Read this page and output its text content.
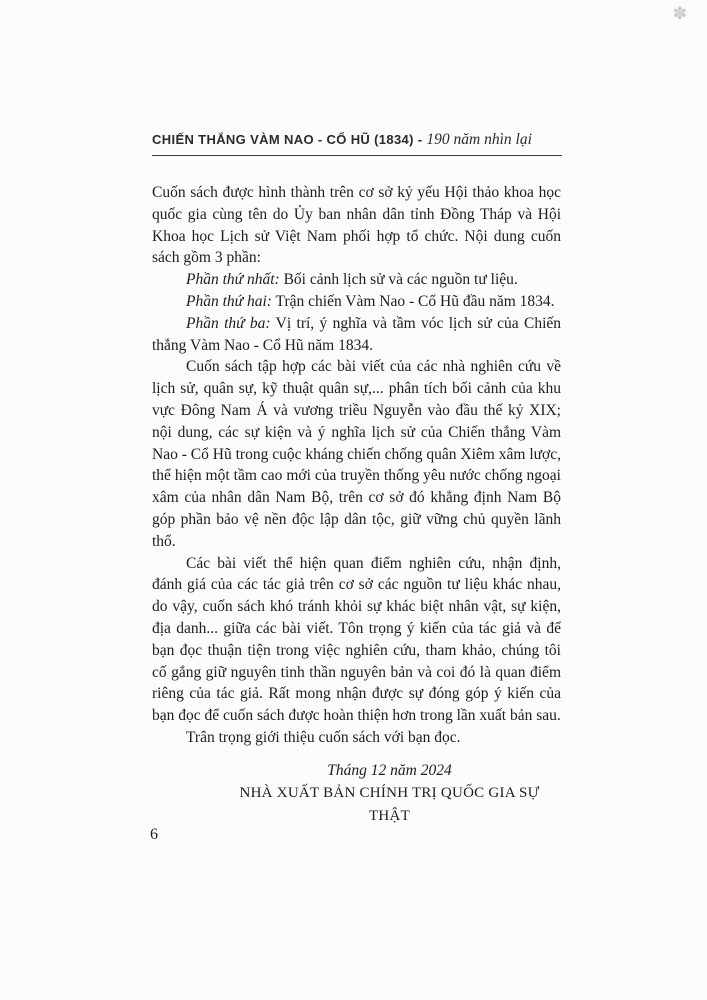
✽
CHIẾN THẮNG VÀM NAO - CỔ HŨ (1834) - 190 năm nhìn lại

Cuốn sách được hình thành trên cơ sở kỷ yếu Hội thảo khoa học quốc gia cùng tên do Ủy ban nhân dân tỉnh Đồng Tháp và Hội Khoa học Lịch sử Việt Nam phối hợp tổ chức. Nội dung cuốn sách gồm 3 phần:

Phần thứ nhất: Bối cảnh lịch sử và các nguồn tư liệu.

Phần thứ hai: Trận chiến Vàm Nao - Cổ Hũ đầu năm 1834.

Phần thứ ba: Vị trí, ý nghĩa và tầm vóc lịch sử của Chiến thắng Vàm Nao - Cổ Hũ năm 1834.

Cuốn sách tập hợp các bài viết của các nhà nghiên cứu về lịch sử, quân sự, kỹ thuật quân sự,... phân tích bối cảnh của khu vực Đông Nam Á và vương triều Nguyễn vào đầu thế kỷ XIX; nội dung, các sự kiện và ý nghĩa lịch sử của Chiến thắng Vàm Nao - Cổ Hũ trong cuộc kháng chiến chống quân Xiêm xâm lược, thể hiện một tầm cao mới của truyền thống yêu nước chống ngoại xâm của nhân dân Nam Bộ, trên cơ sở đó khẳng định Nam Bộ góp phần bảo vệ nền độc lập dân tộc, giữ vững chủ quyền lãnh thổ.

Các bài viết thể hiện quan điểm nghiên cứu, nhận định, đánh giá của các tác giả trên cơ sở các nguồn tư liệu khác nhau, do vậy, cuốn sách khó tránh khỏi sự khác biệt nhân vật, sự kiện, địa danh... giữa các bài viết. Tôn trọng ý kiến của tác giả và để bạn đọc thuận tiện trong việc nghiên cứu, tham khảo, chúng tôi cố gắng giữ nguyên tinh thần nguyên bản và coi đó là quan điểm riêng của tác giả. Rất mong nhận được sự đóng góp ý kiến của bạn đọc để cuốn sách được hoàn thiện hơn trong lần xuất bản sau.

Trân trọng giới thiệu cuốn sách với bạn đọc.

Tháng 12 năm 2024
NHÀ XUẤT BẢN CHÍNH TRỊ QUỐC GIA SỰ THẬT
6
